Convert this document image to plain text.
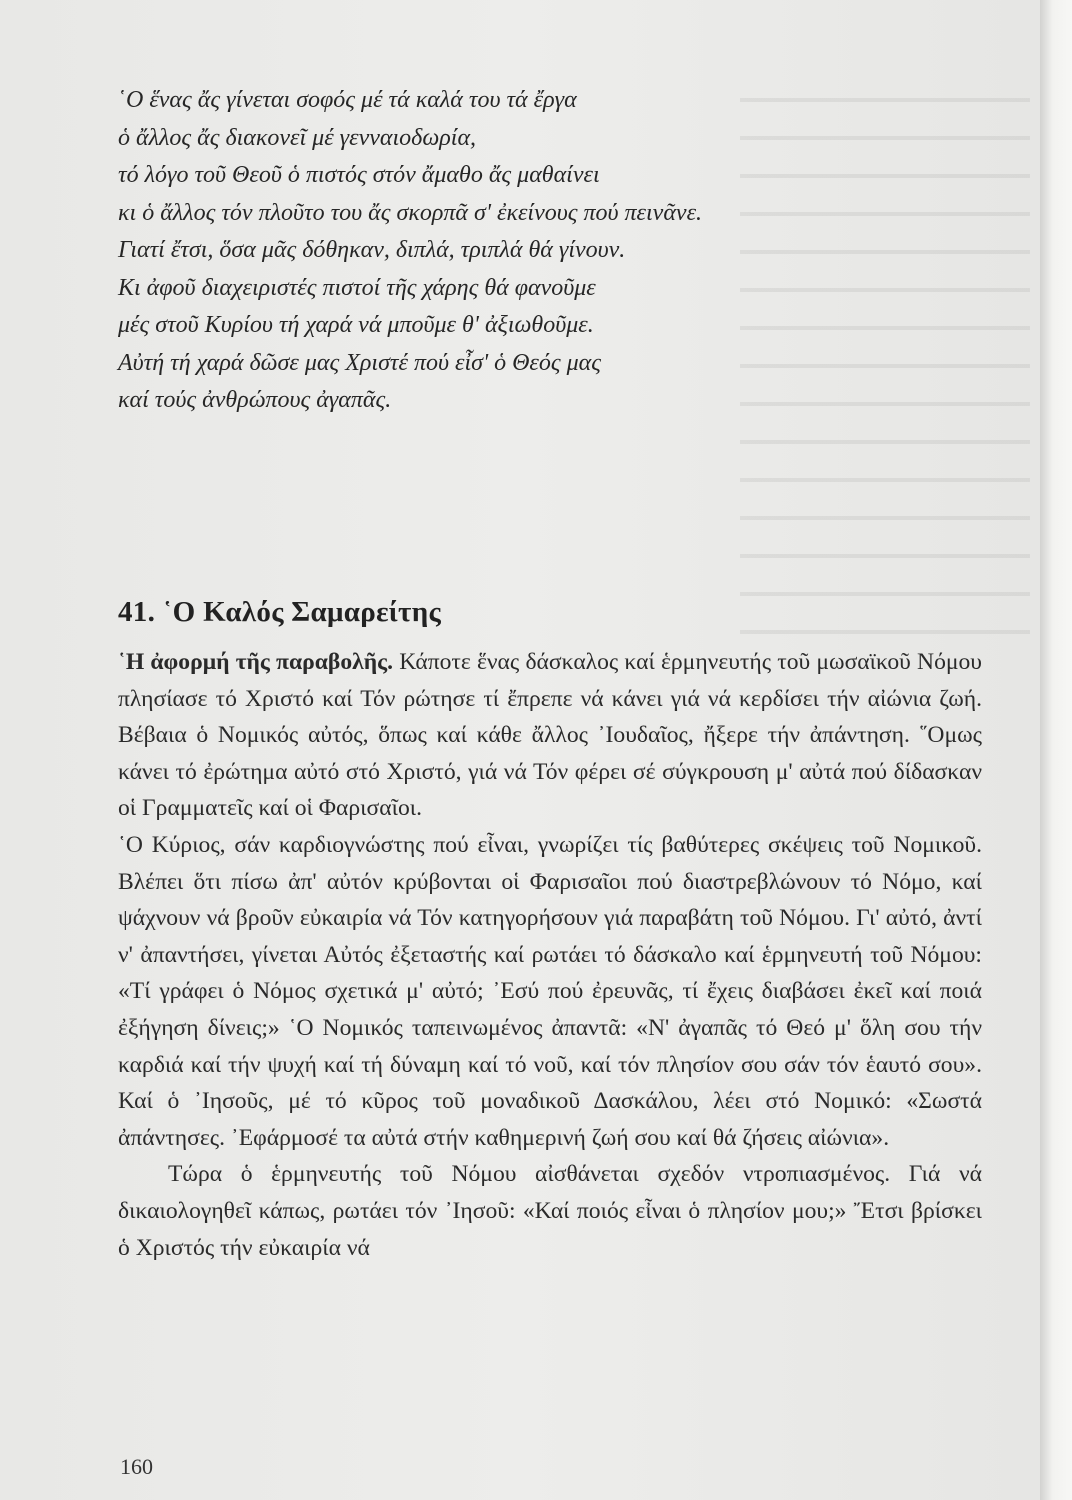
῾Ο ἕνας ἄς γίνεται σοφός μέ τά καλά του τά ἔργα
ὁ ἄλλος ἄς διακονεῖ μέ γενναιοδωρία,
τό λόγο τοῦ Θεοῦ ὁ πιστός στόν ἄμαθο ἄς μαθαίνει
κι ὁ ἄλλος τόν πλοῦτο του ἄς σκορπᾶ σ' ἐκείνους πού πεινᾶνε.
Γιατί ἔτσι, ὅσα μᾶς δόθηκαν, διπλά, τριπλά θά γίνουν.
Κι ἀφοῦ διαχειριστές πιστοί τῆς χάρης θά φανοῦμε
μές στοῦ Κυρίου τή χαρά νά μποῦμε θ' ἀξιωθοῦμε.
Αὐτή τή χαρά δῶσε μας Χριστέ πού εἶσ' ὁ Θεός μας
καί τούς ἀνθρώπους ἀγαπᾶς.
41. ῾Ο Καλός Σαμαρείτης

῾Η ἀφορμή τῆς παραβολῆς. Κάποτε ἕνας δάσκαλος καί ἑρμηνευτής τοῦ μωσαϊκοῦ Νόμου πλησίασε τό Χριστό καί Τόν ρώτησε τί ἔπρεπε νά κάνει γιά νά κερδίσει τήν αἰώνια ζωή. Βέβαια ὁ Νομικός αὐτός, ὅπως καί κάθε ἄλλος ᾿Ιουδαῖος, ἤξερε τήν ἀπάντηση. ῞Ομως κάνει τό ἐρώτημα αὐτό στό Χριστό, γιά νά Τόν φέρει σέ σύγκρουση μ' αὐτά πού δίδασκαν οἱ Γραμματεῖς καί οἱ Φαρισαῖοι.

῾Ο Κύριος, σάν καρδιογνώστης πού εἶναι, γνωρίζει τίς βαθύτερες σκέψεις τοῦ Νομικοῦ. Βλέπει ὅτι πίσω ἀπ' αὐτόν κρύβονται οἱ Φαρισαῖοι πού διαστρεβλώνουν τό Νόμο, καί ψάχνουν νά βροῦν εὐκαιρία νά Τόν κατηγορήσουν γιά παραβάτη τοῦ Νόμου. Γι' αὐτό, ἀντί ν' ἀπαντήσει, γίνεται Αὐτός ἐξεταστής καί ρωτάει τό δάσκαλο καί ἑρμηνευτή τοῦ Νόμου: «Τί γράφει ὁ Νόμος σχετικά μ' αὐτό; ᾿Εσύ πού ἐρευνᾶς, τί ἔχεις διαβάσει ἐκεῖ καί ποιά ἐξήγηση δίνεις;» ῾Ο Νομικός ταπεινωμένος ἀπαντᾶ: «Ν' ἀγαπᾶς τό Θεό μ' ὅλη σου τήν καρδιά καί τήν ψυχή καί τή δύναμη καί τό νοῦ, καί τόν πλησίον σου σάν τόν ἑαυτό σου». Καί ὁ ᾿Ιησοῦς, μέ τό κῦρος τοῦ μοναδικοῦ Δασκάλου, λέει στό Νομικό: «Σωστά ἀπάντησες. ᾿Εφάρμοσέ τα αὐτά στήν καθημερινή ζωή σου καί θά ζήσεις αἰώνια».

Τώρα ὁ ἑρμηνευτής τοῦ Νόμου αἰσθάνεται σχεδόν ντροπιασμένος. Γιά νά δικαιολογηθεῖ κάπως, ρωτάει τόν ᾿Ιησοῦ: «Καί ποιός εἶναι ὁ πλησίον μου;» Ἔτσι βρίσκει ὁ Χριστός τήν εὐκαιρία νά

160
